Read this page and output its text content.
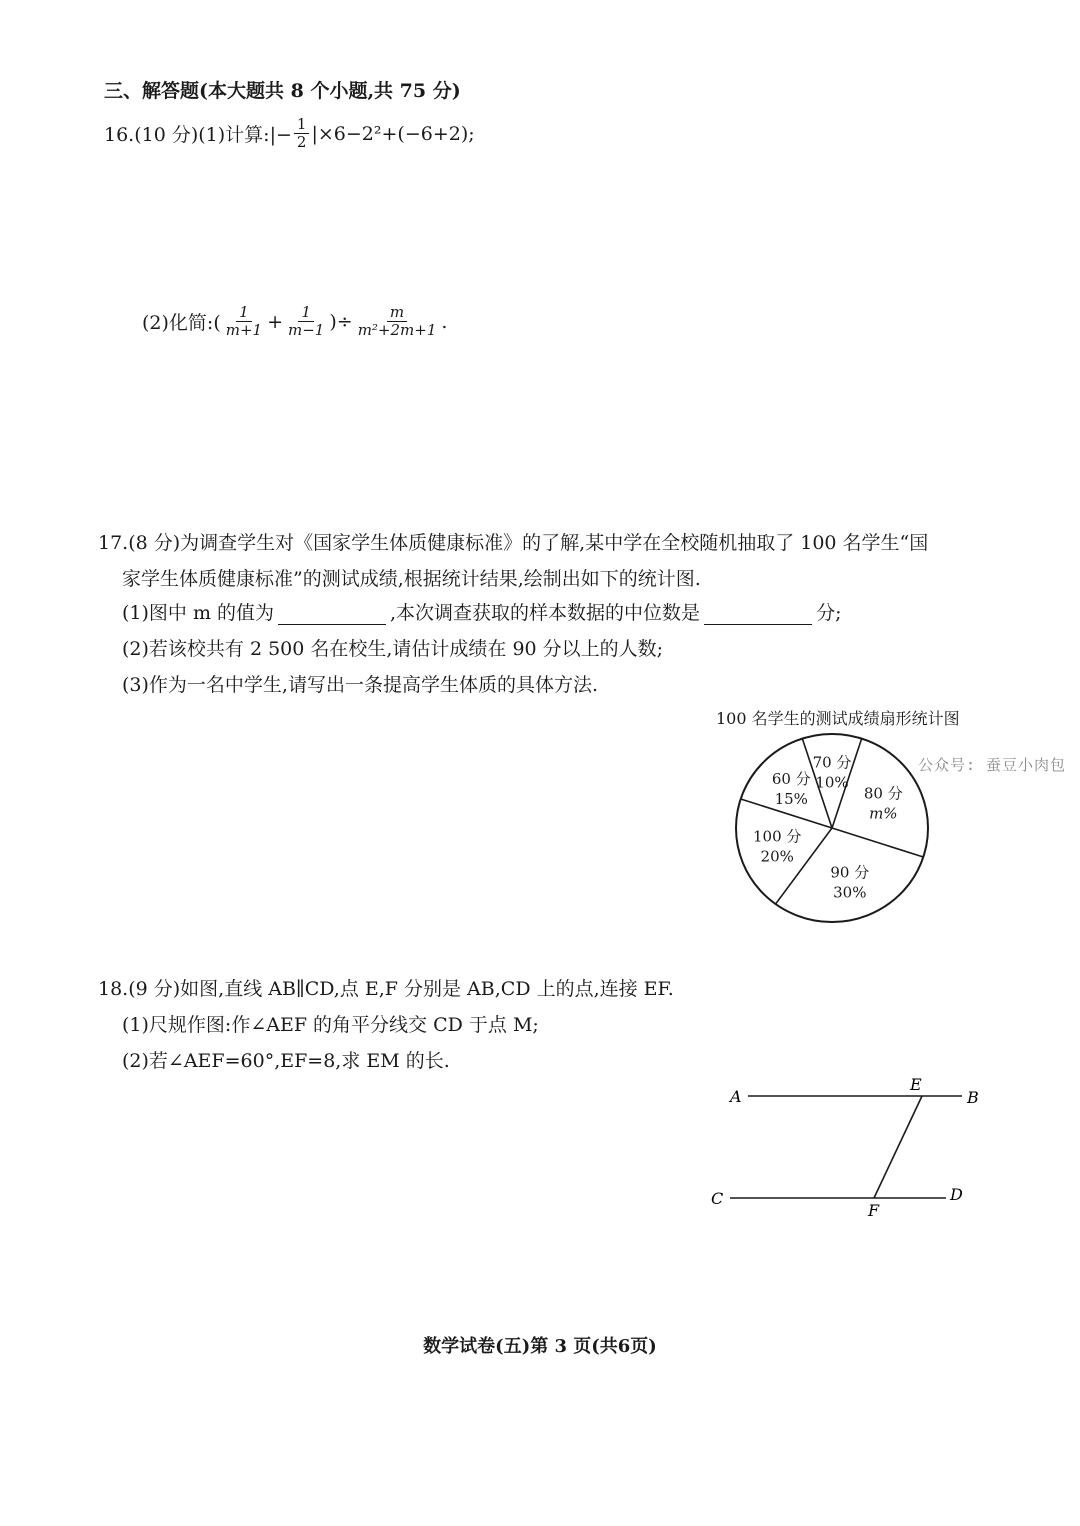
三、解答题(本大题共 8 个小题,共 75 分)
16.(10 分)(1)计算:|− $\frac{1}{2} |\times 6-2^2+(-6+2)$;
(2)化简:( $\frac{1}{m+1} + \frac{1}{m-1}$ )÷ $\frac{m}{\text{m²+2m+1}}$ .
17.(8 分)为调查学生对《国家学生体质健康标准》的了解,某中学在全校随机抽取了 100 名学生“国
家学生体质健康标准”的测试成绩,根据统计结果,绘制出如下的统计图.
(1)图中 m 的值为	,本次调查获取的样本数据的中位数是	分;
(2)若该校共有 2 500 名在校生,请估计成绩在 90 分以上的人数;
(3)作为一名中学生,请写出一条提高学生体质的具体方法.
100 名学生的测试成绩扇形统计图
公众号: 蚕豆小肉包
70 分
10%
80 分
m%
90 分
30%
100 分
20%
60 分
15%
18.(9 分)如图,直线 AB∥CD,点 E,F 分别是 AB,CD 上的点,连接 EF.
(1)尺规作图:作∠AEF 的角平分线交 CD 于点 M;
(2)若∠AEF=60°,EF=8,求 EM 的长.
A	B
E
C	D
F
数学试卷(五)第 3 页(共6页)
